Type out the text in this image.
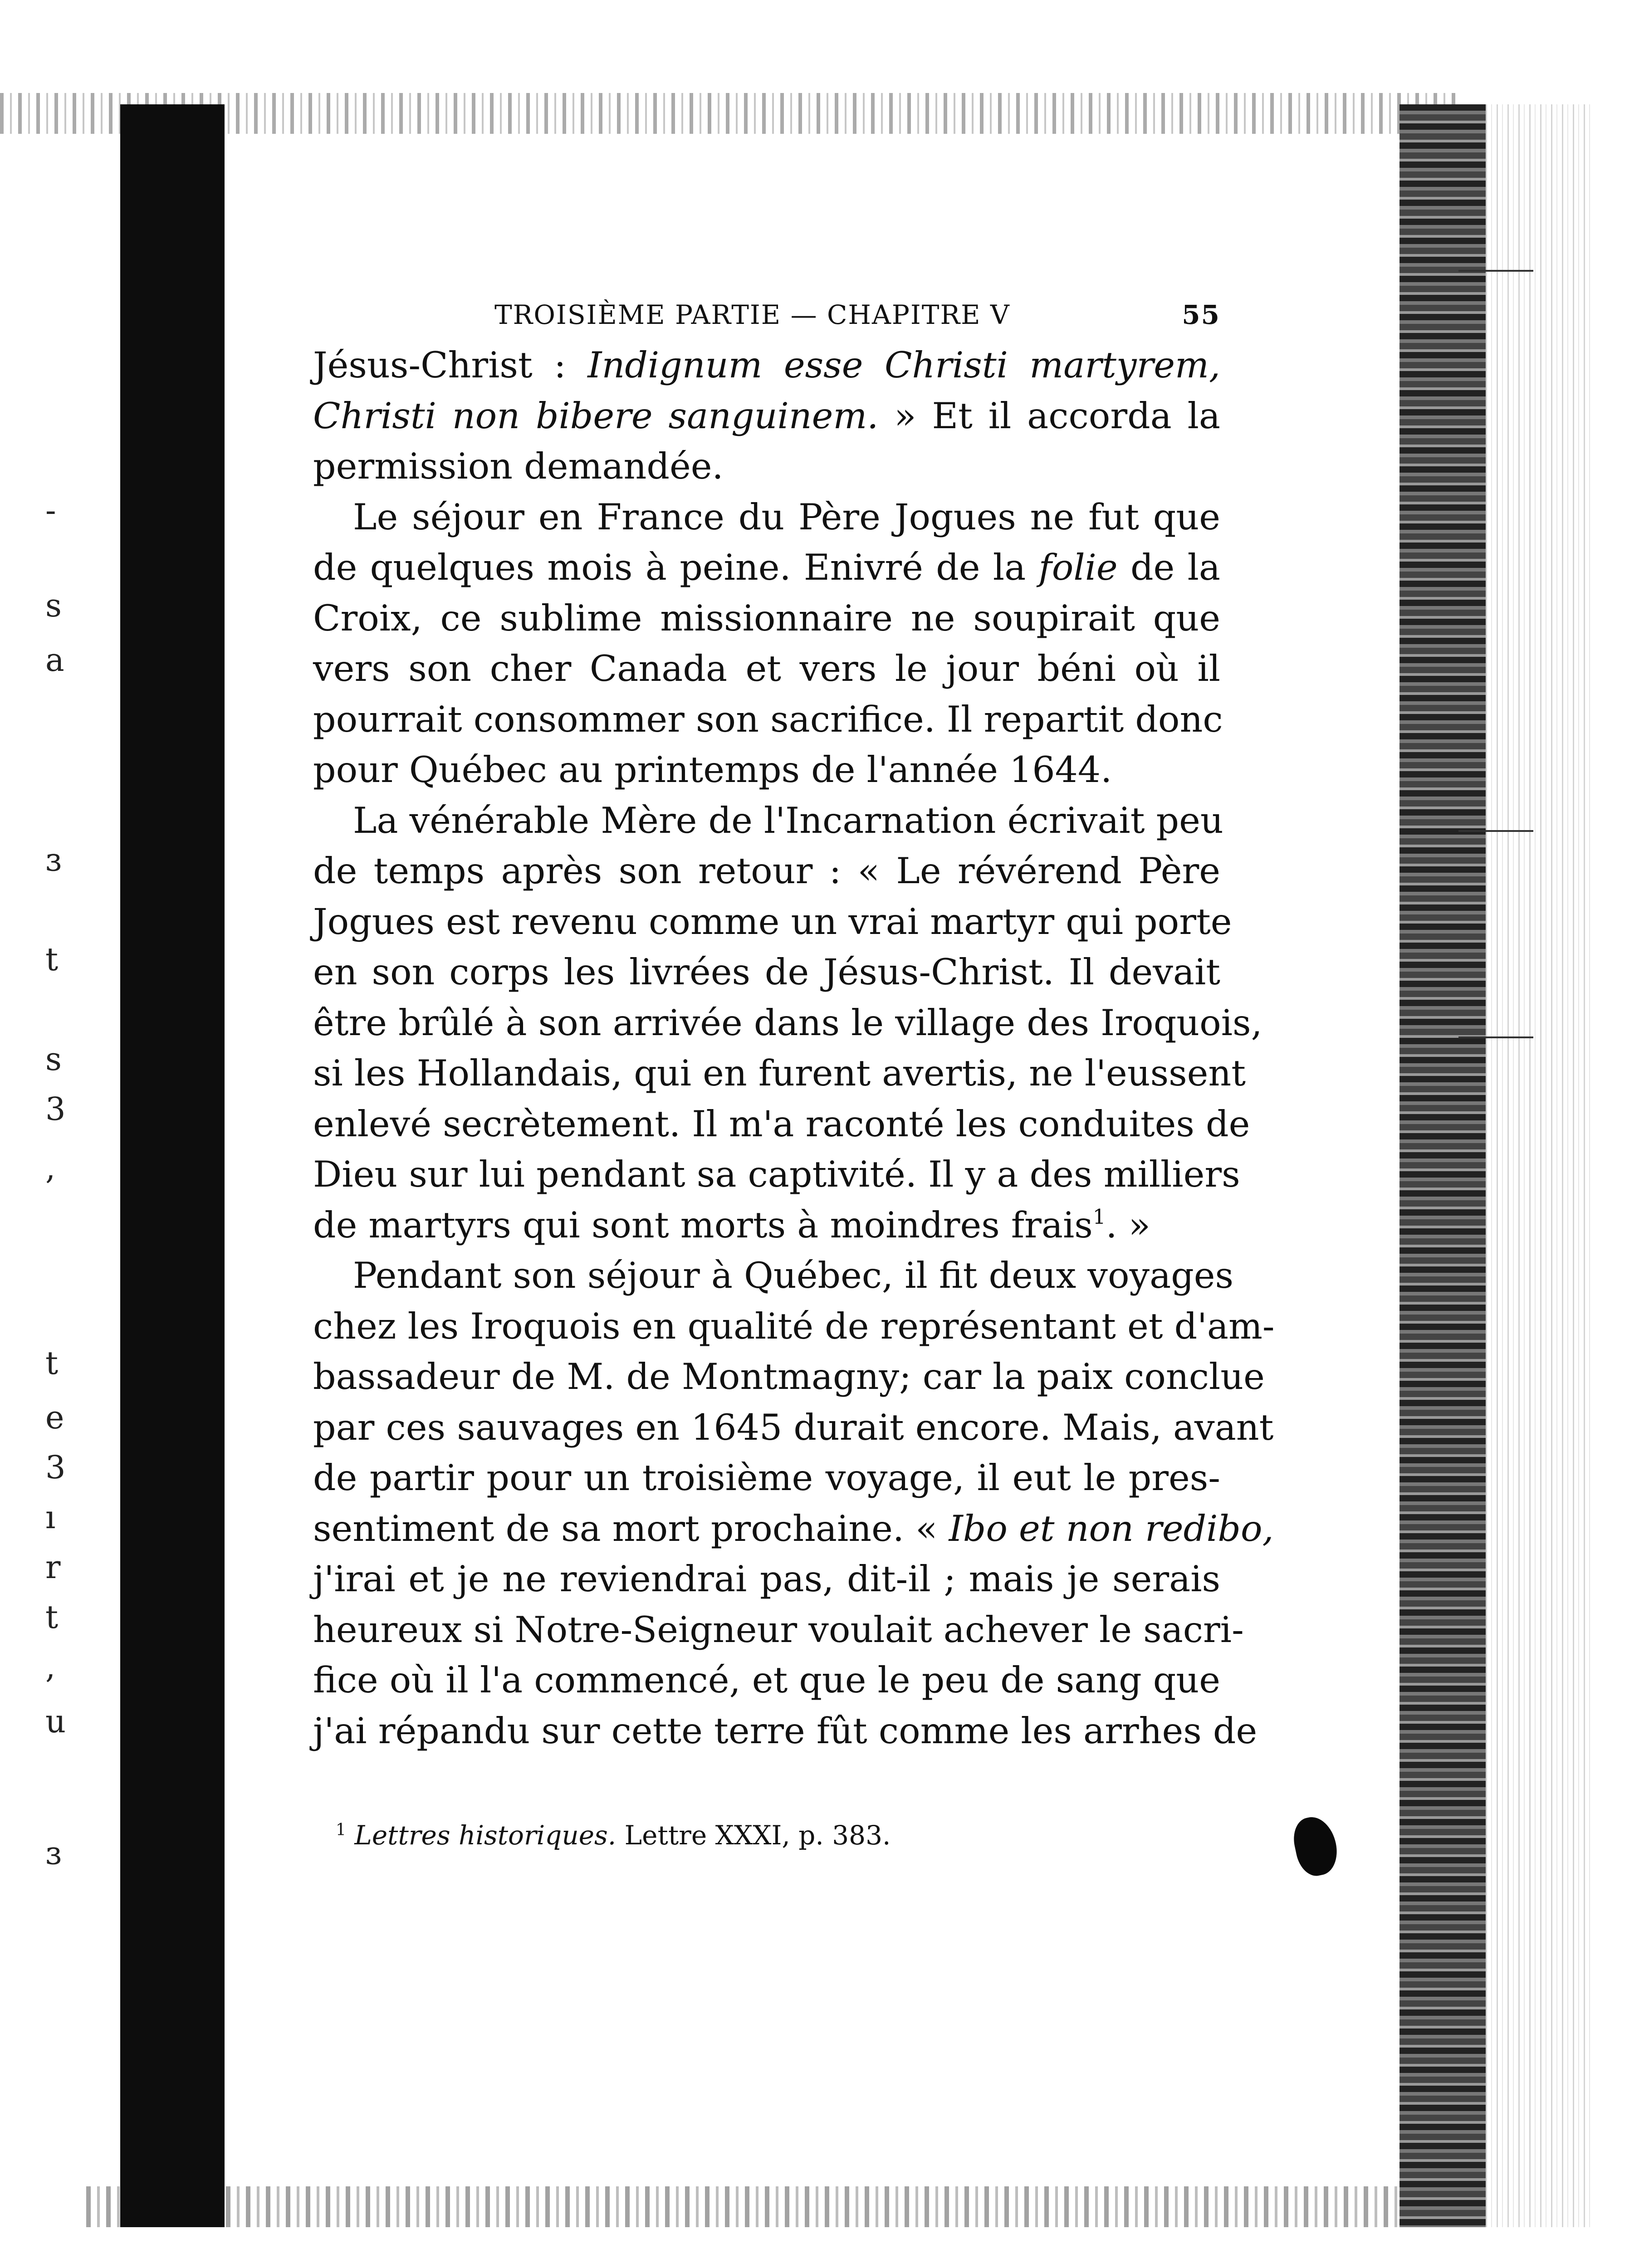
-
s
a
ɜ
t
s
3
,
t
e
3
ı
r
t
,
u
ɜ
TROISIÈME PARTIE — CHAPITRE V	55

Jésus-Christ : Indignum esse Christi martyrem,
Christi non bibere sanguinem. » Et il accorda la
permission demandée.

Le séjour en France du Père Jogues ne fut que
de quelques mois à peine. Enivré de la folie de la
Croix, ce sublime missionnaire ne soupirait que
vers son cher Canada et vers le jour béni où il
pourrait consommer son sacrifice. Il repartit donc
pour Québec au printemps de l'année 1644.

La vénérable Mère de l'Incarnation écrivait peu
de temps après son retour : « Le révérend Père
Jogues est revenu comme un vrai martyr qui porte
en son corps les livrées de Jésus-Christ. Il devait
être brûlé à son arrivée dans le village des Iroquois,
si les Hollandais, qui en furent avertis, ne l'eussent
enlevé secrètement. Il m'a raconté les conduites de
Dieu sur lui pendant sa captivité. Il y a des milliers
de martyrs qui sont morts à moindres frais$^1$. »

Pendant son séjour à Québec, il fit deux voyages
chez les Iroquois en qualité de représentant et d'am-
bassadeur de M. de Montmagny; car la paix conclue
par ces sauvages en 1645 durait encore. Mais, avant
de partir pour un troisième voyage, il eut le pres-
sentiment de sa mort prochaine. « Ibo et non redibo,
j'irai et je ne reviendrai pas, dit-il ; mais je serais
heureux si Notre-Seigneur voulait achever le sacri-
fice où il l'a commencé, et que le peu de sang que
j'ai répandu sur cette terre fût comme les arrhes de

$^1$ Lettres historiques. Lettre XXXI, p. 383.
